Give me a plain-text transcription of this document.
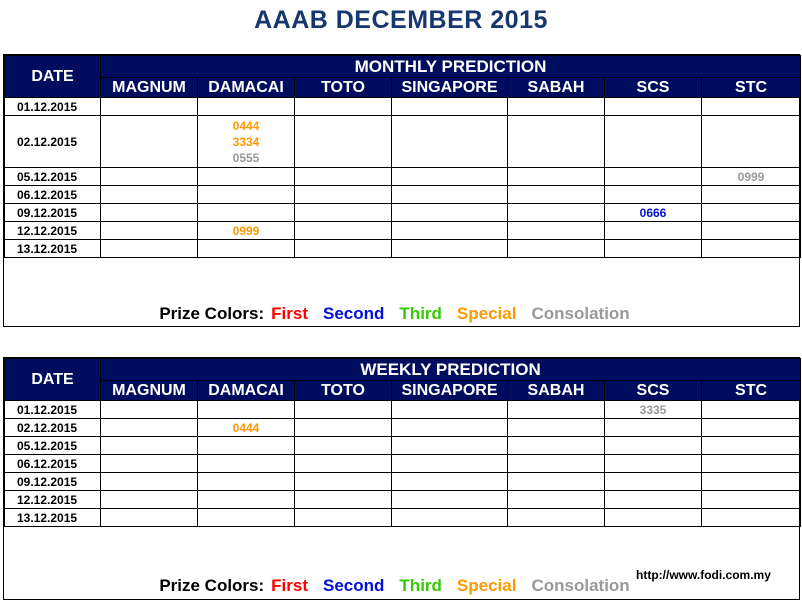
AAAB DECEMBER 2015
DATE	MONTHLY PREDICTION						
	MAGNUM	DAMACAI	TOTO	SINGAPORE	SABAH	SCS	STC
01.12.2015							
02.12.2015		0444
3334
0555					

05.12.2015							0999

06.12.2015							
09.12.2015						0666	

12.12.2015		0999					

13.12.2015							
Prize Colors: First Second Third Special Consolation
DATE	WEEKLY PREDICTION						
	MAGNUM	DAMACAI	TOTO	SINGAPORE	SABAH	SCS	STC
01.12.2015						3335	

02.12.2015		0444					

05.12.2015							
06.12.2015							
09.12.2015							
12.12.2015							
13.12.2015							
Prize Colors: First Second Third Special Consolation
http://www.fodi.com.my
